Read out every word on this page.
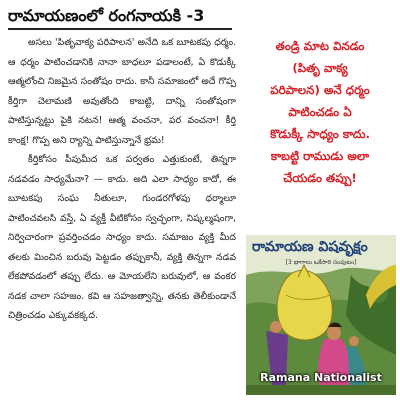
రామాయణంలో రంగనాయకి -3

అసలు 'పితృవాక్య పరిపాలన' అనేది ఒక బూటకపు ధర్మం. ఆ ధర్మం పాటించడానికి నానా బాధలూ పడాలంటే, ఏ కొడుక్కీ ఆత్మలోంచి నిజమైన సంతోషం రాదు. కానీ సమాజంలో అదే గొప్ప కీర్తిగా చెలామణి అవుతోంది కాబట్టి, దాన్ని సంతోషంగా పాటిస్తున్నట్టు పైకి నటన! ఆత్మ వంచనా, పర వంచనా! కీర్తి కాంక్ష! గొప్ప అని ర్యాన్ని పాటిస్తున్నానే భ్రమ!

కీర్తికోసం పీపుమీద ఒక పర్వతం ఎత్తుకుంటే, తిన్నగా నడవడం సాధ్యమేనా? — కాదు. అది ఎలా సాధ్యం కాదో, ఈ బూటకపు సంఘ నీతులూ, గుండరగోళపు ధర్మాలూ పాటించవలసి వస్తే, ఏ వ్యక్తీ వీటికోసం స్వచ్ఛంగా, నిష్కల్మషంగా, నిర్విచారంగా ప్రవర్తించడం సాధ్యం కాదు. సమాజం వ్యక్తి మీద తలకు మించిన బరువు పెట్టడం తప్పుకానీ, వ్యక్తి తిన్నగా నడవ లేకపోవడంలో తప్పు లేదు. ఆ మోయలేని బరువులో, ఆ వంకర నడక చాలా సహజం. కవి ఆ సహజత్వాన్ని, తనకు తెలీకుండానే చిత్రించడం ఎక్కువకక్కద.

తండ్రి మాట వినడం
(పితృ వాక్య
పరిపాలన) అనే ధర్మం
పాటించడం ఏ
కొడుక్కీ సాధ్యం కాదు.
కాబట్టి రాముడు అలా
చేయడం తప్పు!
రామాయణ విషవృక్షం
[3 భాగాలు ఒకేసారి సంపుటం]
Ramana Nationalist
